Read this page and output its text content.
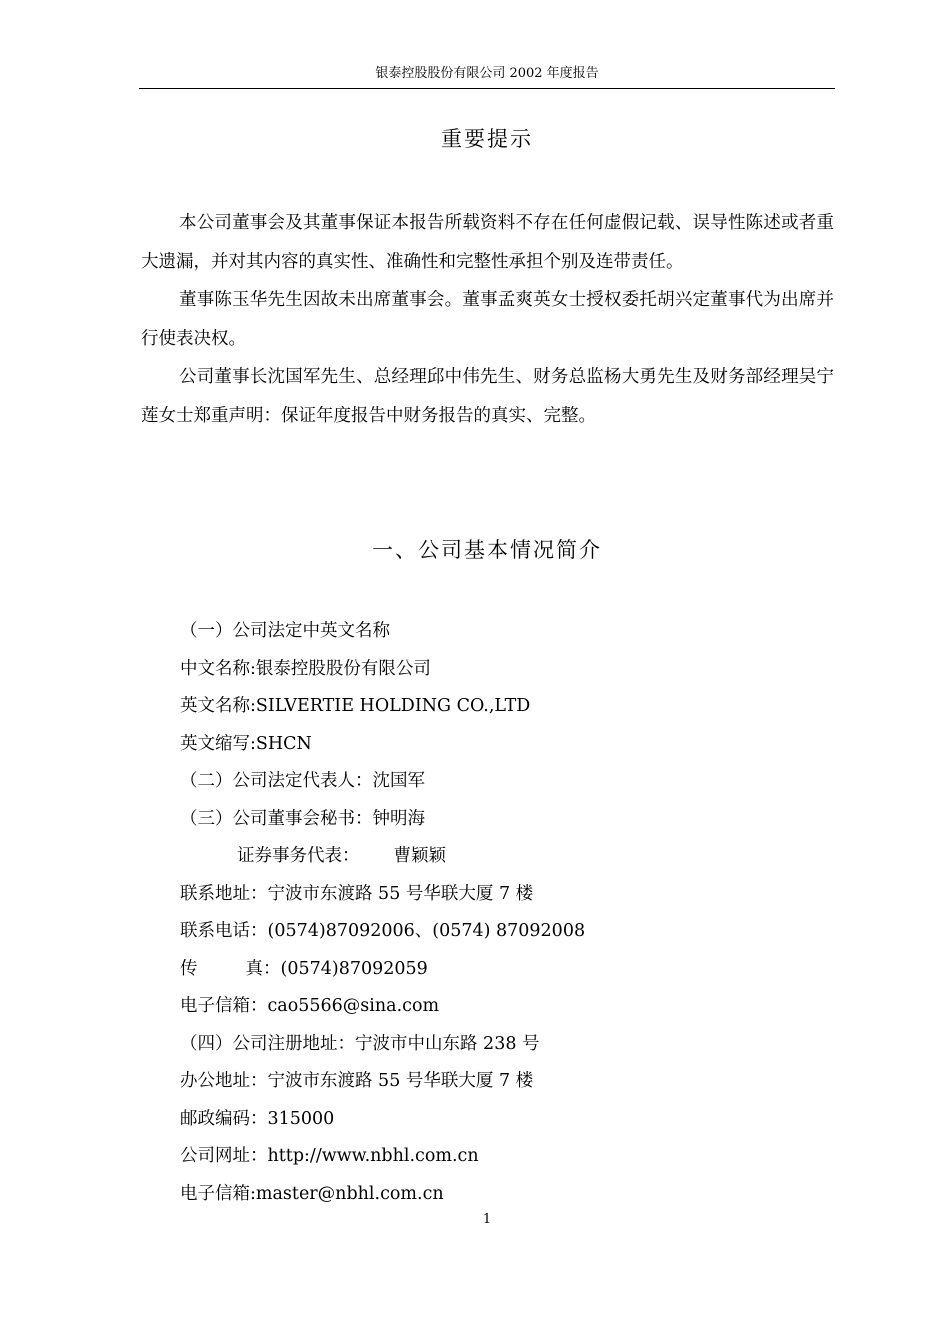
银泰控股股份有限公司 2002 年度报告
重要提示

本公司董事会及其董事保证本报告所载资料不存在任何虚假记载、误导性陈述或者重大遗漏，并对其内容的真实性、准确性和完整性承担个别及连带责任。

董事陈玉华先生因故未出席董事会。董事孟爽英女士授权委托胡兴定董事代为出席并行使表决权。

公司董事长沈国军先生、总经理邱中伟先生、财务总监杨大勇先生及财务部经理吴宁莲女士郑重声明：保证年度报告中财务报告的真实、完整。

一、公司基本情况简介
（一）公司法定中英文名称
中文名称:银泰控股股份有限公司
英文名称:SILVERTIE HOLDING CO.,LTD
英文缩写:SHCN
（二）公司法定代表人：沈国军
（三）公司董事会秘书：钟明海
证券事务代表： 曹颖颖
联系地址：宁波市东渡路 55 号华联大厦 7 楼
联系电话：(0574)87092006、(0574) 87092008
传	真：(0574)87092059
电子信箱：cao5566@sina.com
（四）公司注册地址：宁波市中山东路 238 号
办公地址：宁波市东渡路 55 号华联大厦 7 楼
邮政编码：315000
公司网址：http://www.nbhl.com.cn
电子信箱:master@nbhl.com.cn
1
